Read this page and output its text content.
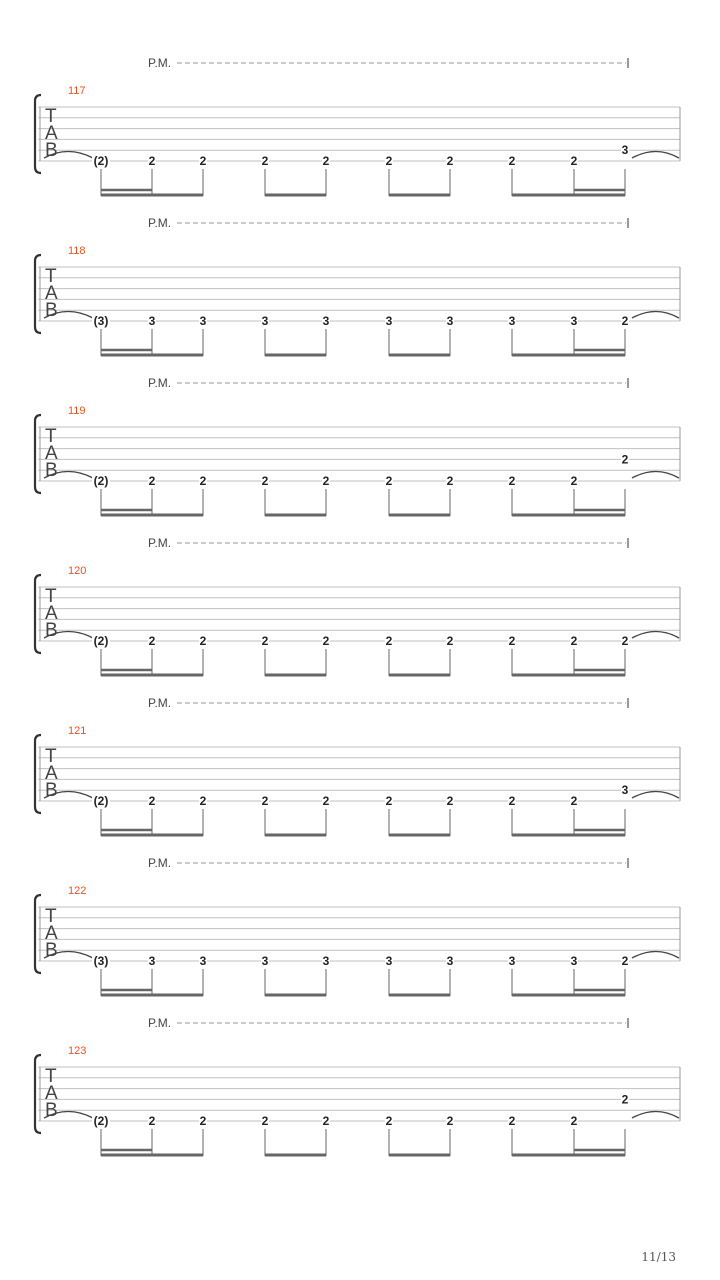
P.M.
117
T
A
B	(2)	2	2	2	2	2	2	2	2
3
P.M.
118
T
A
B	(3)	3	3	3	3	3	3	3	3	2
P.M.
119
T
A
B	(2)	2	2	2	2	2	2	2	2
2
P.M.
120
T
A
B	(2)	2	2	2	2	2	2	2	2	2
P.M.
121
T
A
B	(2)	2	2	2	2	2	2	2	2
3
P.M.
122
T
A
B	(3)	3	3	3	3	3	3	3	3	2
P.M.
123
T
A
B	(2)	2	2	2	2	2	2	2	2
2
11/13
